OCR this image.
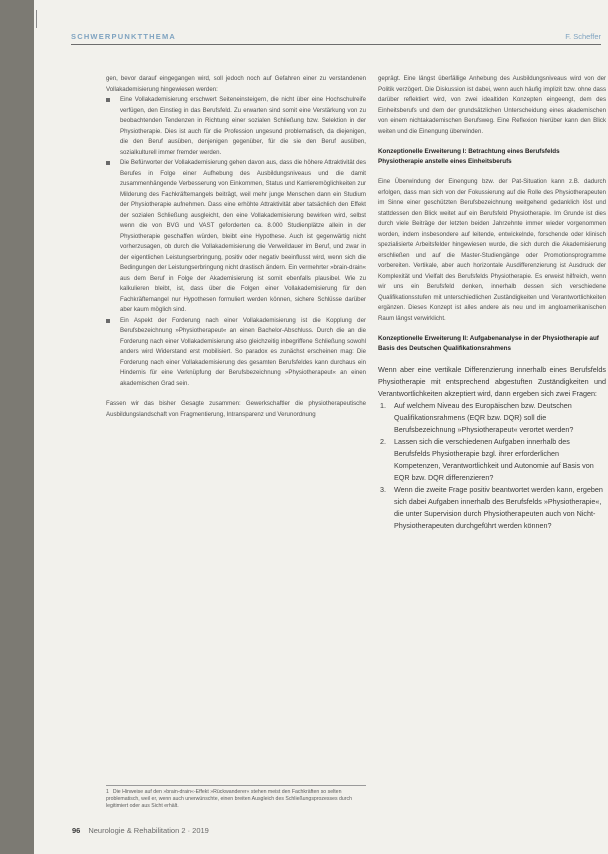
SCHWERPUNKTTHEMA	F. Scheffer

gen, bevor darauf eingegangen wird, soll jedoch noch auf Gefahren einer zu verstandenen Vollakademisierung hingewiesen werden:

Eine Vollakademisierung erschwert Seiteneinsteigern, die nicht über eine Hochschulreife verfügen, den Einstieg in das Berufsfeld. Zu erwarten sind somit eine Verstärkung von zu beobachtenden Tendenzen in Richtung einer sozialen Schließung bzw. Selektion in der Physiotherapie. Dies ist auch für die Profession ungesund problematisch, da diejenigen, die den Beruf ausüben, denjenigen gegenüber, für die sie den Beruf ausüben, sozialkulturell immer fremder werden.
Die Befürworter der Vollakademisierung gehen davon aus, dass die höhere Attraktivität des Berufes in Folge einer Aufhebung des Ausbildungsniveaus und die damit zusammenhängende Verbesserung von Einkommen, Status und Karrieremöglichkeiten zur Milderung des Fachkräftemangels beiträgt, weil mehr junge Menschen dann ein Studium der Physiotherapie aufnehmen. Dass eine erhöhte Attraktivität aber tatsächlich den Effekt der sozialen Schließung ausgleicht, den eine Vollakademisierung bewirken wird, selbst wenn die von BVG und VAST geforderten ca. 8.000 Studienplätze allein in der Physiotherapie geschaffen würden, bleibt eine Hypothese. Auch ist gegenwärtig nicht vorherzusagen, ob durch die Vollakademisierung die Verweildauer im Beruf, und zwar in der eigentlichen Leistungserbringung, positiv oder negativ beeinflusst wird, wenn sich die Bedingungen der Leistungserbringung nicht drastisch ändern. Ein vermehrter »brain-drain« aus dem Beruf in Folge der Akademisierung ist somit ebenfalls plausibel. Wie zu kalkulieren bleibt, ist, dass über die Folgen einer Vollakademisierung für den Fachkräftemangel nur Hypothesen formuliert werden können, sichere Schlüsse darüber aber kaum möglich sind.
Ein Aspekt der Forderung nach einer Vollakademisierung ist die Kopplung der Berufsbezeichnung »Physiotherapeut« an einen Bachelor-Abschluss. Durch die an die Forderung nach einer Vollakademisierung also gleichzeitig inbegriffene Schließung sowohl anders wird Widerstand erst mobilisiert. So paradox es zunächst erscheinen mag: Die Forderung nach einer Vollakademisierung des gesamten Berufsfeldes kann durchaus ein Hindernis für eine Verknüpfung der Berufsbezeichnung »Physiotherapeut« an einen akademischen Grad sein.

Fassen wir das bisher Gesagte zusammen: Gewerkschaftler die physiotherapeutische Ausbildungslandschaft von Fragmentierung, Intransparenz und Verunordnung

geprägt. Eine längst überfällige Anhebung des Ausbildungsniveaus wird von der Politik verzögert. Die Diskussion ist dabei, wenn auch häufig implizit bzw. ohne dass darüber reflektiert wird, von zwei idealtiden Konzepten eingeengt, dem des Einheitsberufs und dem der grundsätzlichen Unterscheidung eines akademischen von einem nichtakademischen Berufsweg. Eine Reflexion hierüber kann den Blick weiten und die Einengung überwinden.

Konzeptionelle Erweiterung I: Betrachtung eines Berufsfelds Physiotherapie anstelle eines Einheitsberufs

Eine Überwindung der Einengung bzw. der Pat-Situation kann z.B. dadurch erfolgen, dass man sich von der Fokussierung auf die Rolle des Physiotherapeuten im Sinne einer geschützten Berufsbezeichnung weitgehend gedanklich löst und stattdessen den Blick weitet auf ein Berufsfeld Physiotherapie. Im Grunde ist dies durch viele Beiträge der letzten beiden Jahrzehnte immer wieder vorgenommen worden, indem insbesondere auf leitende, entwickelnde, forschende oder klinisch spezialisierte Arbeitsfelder hingewiesen wurde, die sich durch die Akademisierung erschließen und auf die Master-Studiengänge oder Promotionsprogramme vorbereiten. Vertikale, aber auch horizontale Ausdifferenzierung ist Ausdruck der Komplexität und Vielfalt des Berufsfelds Physiotherapie. Es erweist hilfreich, wenn wir uns ein Berufsfeld denken, innerhalb dessen sich verschiedene Qualifikationsstufen mit unterschiedlichen Zuständigkeiten und Verantwortlichkeiten ergänzen. Dieses Konzept ist alles andere als neu und im angloamerikanischen Raum längst verwirklicht.

Konzeptionelle Erweiterung II: Aufgabenanalyse in der Physiotherapie auf Basis des Deutschen Qualifikationsrahmens

Wenn aber eine vertikale Differenzierung innerhalb eines Berufsfelds Physiotherapie mit entsprechend abgestuften Zuständigkeiten und Verantwortlichkeiten akzeptiert wird, dann ergeben sich zwei Fragen:

1. Auf welchem Niveau des Europäischen bzw. Deutschen Qualifikationsrahmens (EQR bzw. DQR) soll die Berufsbezeichnung »Physiotherapeut« verortet werden?
2. Lassen sich die verschiedenen Aufgaben innerhalb des Berufsfelds Physiotherapie bzgl. ihrer erforderlichen Kompetenzen, Verantwortlichkeit und Autonomie auf Basis von EQR bzw. DQR differenzieren?
3. Wenn die zweite Frage positiv beantwortet werden kann, ergeben sich dabei Aufgaben innerhalb des Berufsfelds »Physiotherapie«, die unter Supervision durch Physiotherapeuten auch von Nicht-Physiotherapeuten durchgeführt werden können?
1 Die Hinweise auf den »brain-drain«-Effekt »Rückwanderer« stehen meist den Fachkräften so selten problematisch, weil er, wenn auch unerwünschte, einen breiten Ausgleich des Schließungsprozesses durch legitimiert oder aus Sicht erhält.
96 Neurologie & Rehabilitation 2 · 2019
